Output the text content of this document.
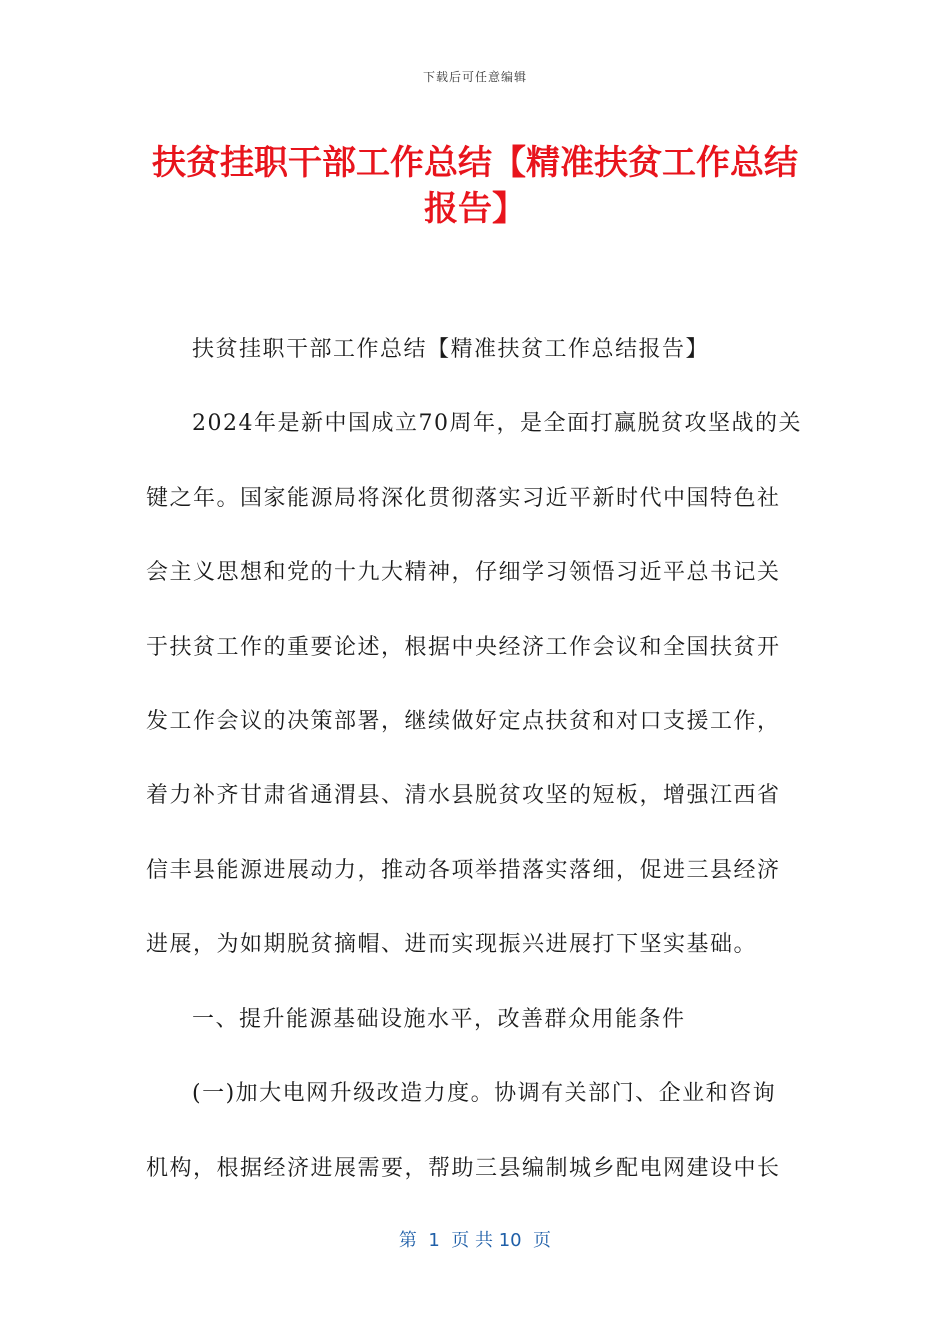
下载后可任意编辑
扶贫挂职干部工作总结【精准扶贫工作总结报告】
扶贫挂职干部工作总结【精准扶贫工作总结报告】
2024年是新中国成立70周年，是全面打赢脱贫攻坚战的关
键之年。国家能源局将深化贯彻落实习近平新时代中国特色社
会主义思想和党的十九大精神，仔细学习领悟习近平总书记关
于扶贫工作的重要论述，根据中央经济工作会议和全国扶贫开
发工作会议的决策部署，继续做好定点扶贫和对口支援工作，
着力补齐甘肃省通渭县、清水县脱贫攻坚的短板，增强江西省
信丰县能源进展动力，推动各项举措落实落细，促进三县经济
进展，为如期脱贫摘帽、进而实现振兴进展打下坚实基础。
一、提升能源基础设施水平，改善群众用能条件
(一)加大电网升级改造力度。协调有关部门、企业和咨询
机构，根据经济进展需要，帮助三县编制城乡配电网建设中长
第  1  页 共 10  页
